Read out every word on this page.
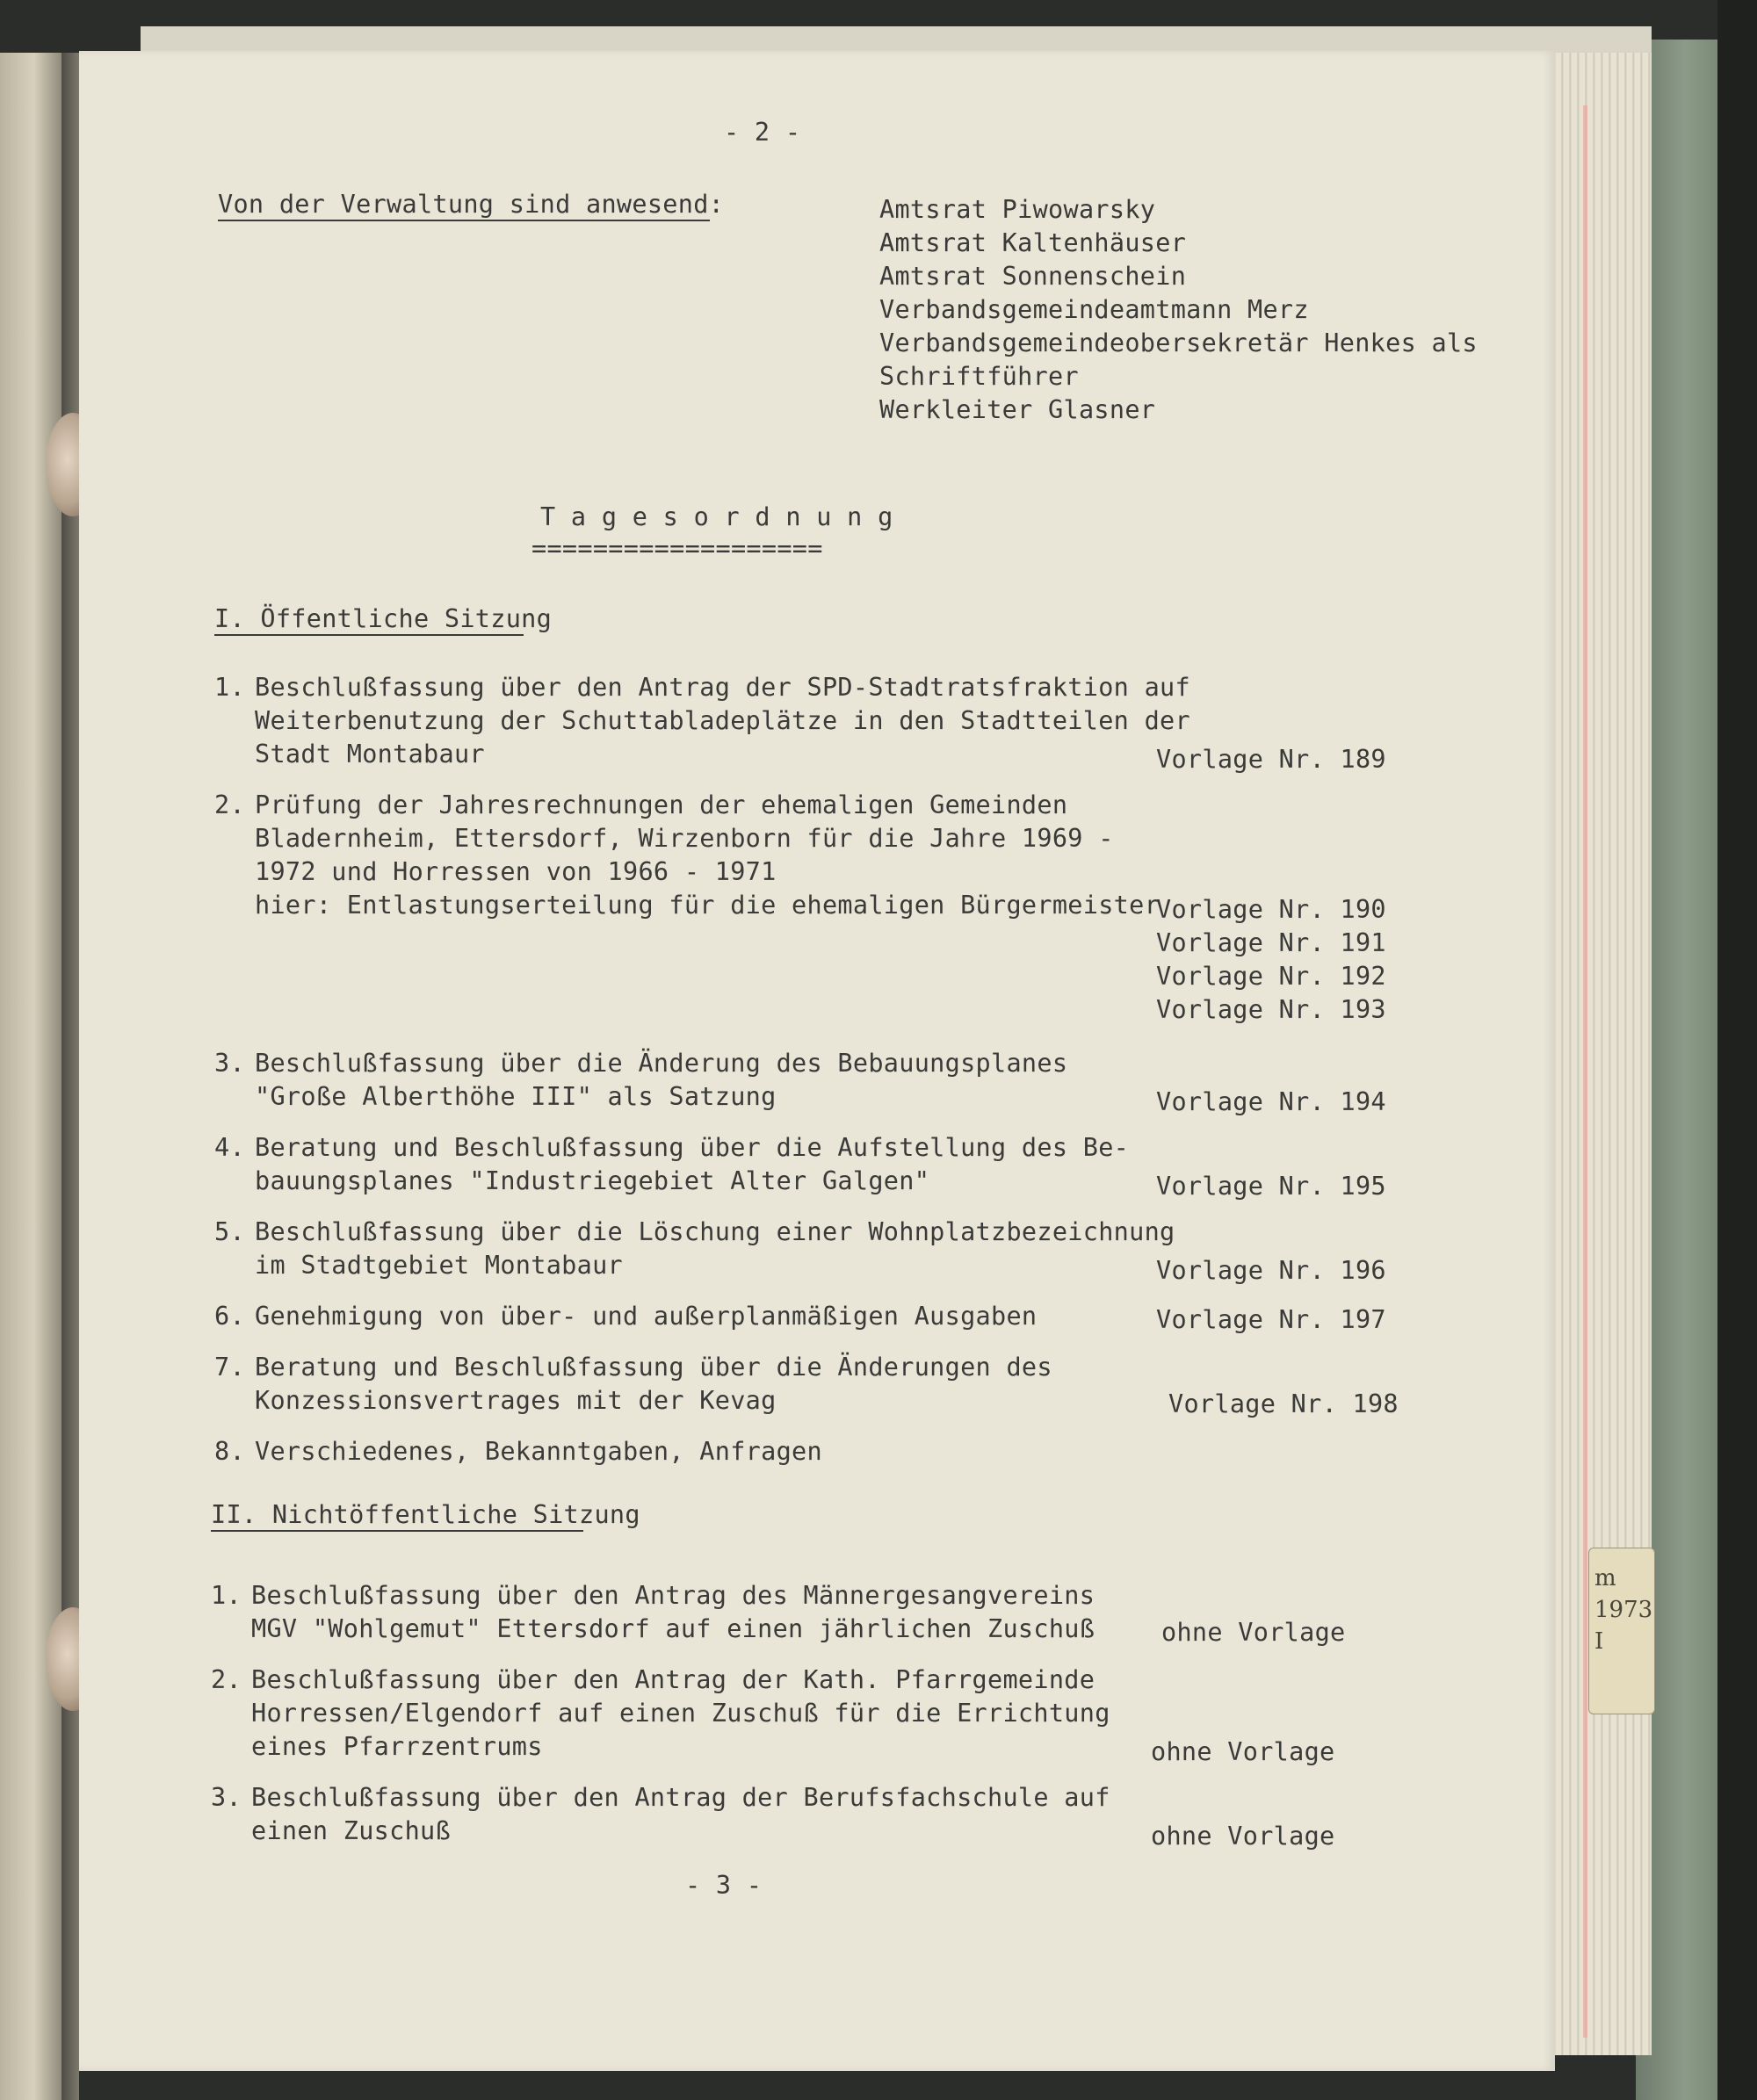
m
1973
I
- 2 -
Von der Verwaltung sind anwesend:	Amtsrat Piwowarsky
Amtsrat Kaltenhäuser
Amtsrat Sonnenschein
Verbandsgemeindeamtmann Merz
Verbandsgemeindeobersekretär Henkes als
Schriftführer
Werkleiter Glasner
T a g e s o r d n u n g
===================
I. Öffentliche Sitzung
1. Beschlußfassung über den Antrag der SPD-Stadtratsfraktion auf
Weiterbenutzung der Schuttabladeplätze in den Stadtteilen der
Stadt Montabaur	Vorlage Nr. 189
2. Prüfung der Jahresrechnungen der ehemaligen Gemeinden
Bladernheim, Ettersdorf, Wirzenborn für die Jahre 1969 -
1972 und Horressen von 1966 - 1971
hier: Entlastungserteilung für die ehemaligen Bürgermeister
Vorlage Nr. 190
Vorlage Nr. 191
Vorlage Nr. 192
Vorlage Nr. 193
3. Beschlußfassung über die Änderung des Bebauungsplanes
"Große Alberthöhe III" als Satzung	Vorlage Nr. 194
4. Beratung und Beschlußfassung über die Aufstellung des Be-
bauungsplanes "Industriegebiet Alter Galgen"	Vorlage Nr. 195
5. Beschlußfassung über die Löschung einer Wohnplatzbezeichnung
im Stadtgebiet Montabaur	Vorlage Nr. 196
6. Genehmigung von über- und außerplanmäßigen Ausgaben	Vorlage Nr. 197
7. Beratung und Beschlußfassung über die Änderungen des
Konzessionsvertrages mit der Kevag	Vorlage Nr. 198
8. Verschiedenes, Bekanntgaben, Anfragen
II. Nichtöffentliche Sitzung
1. Beschlußfassung über den Antrag des Männergesangvereins
MGV "Wohlgemut" Ettersdorf auf einen jährlichen Zuschuß	ohne Vorlage
2. Beschlußfassung über den Antrag der Kath. Pfarrgemeinde
Horressen/Elgendorf auf einen Zuschuß für die Errichtung
eines Pfarrzentrums	ohne Vorlage
3. Beschlußfassung über den Antrag der Berufsfachschule auf
einen Zuschuß	ohne Vorlage
- 3 -
